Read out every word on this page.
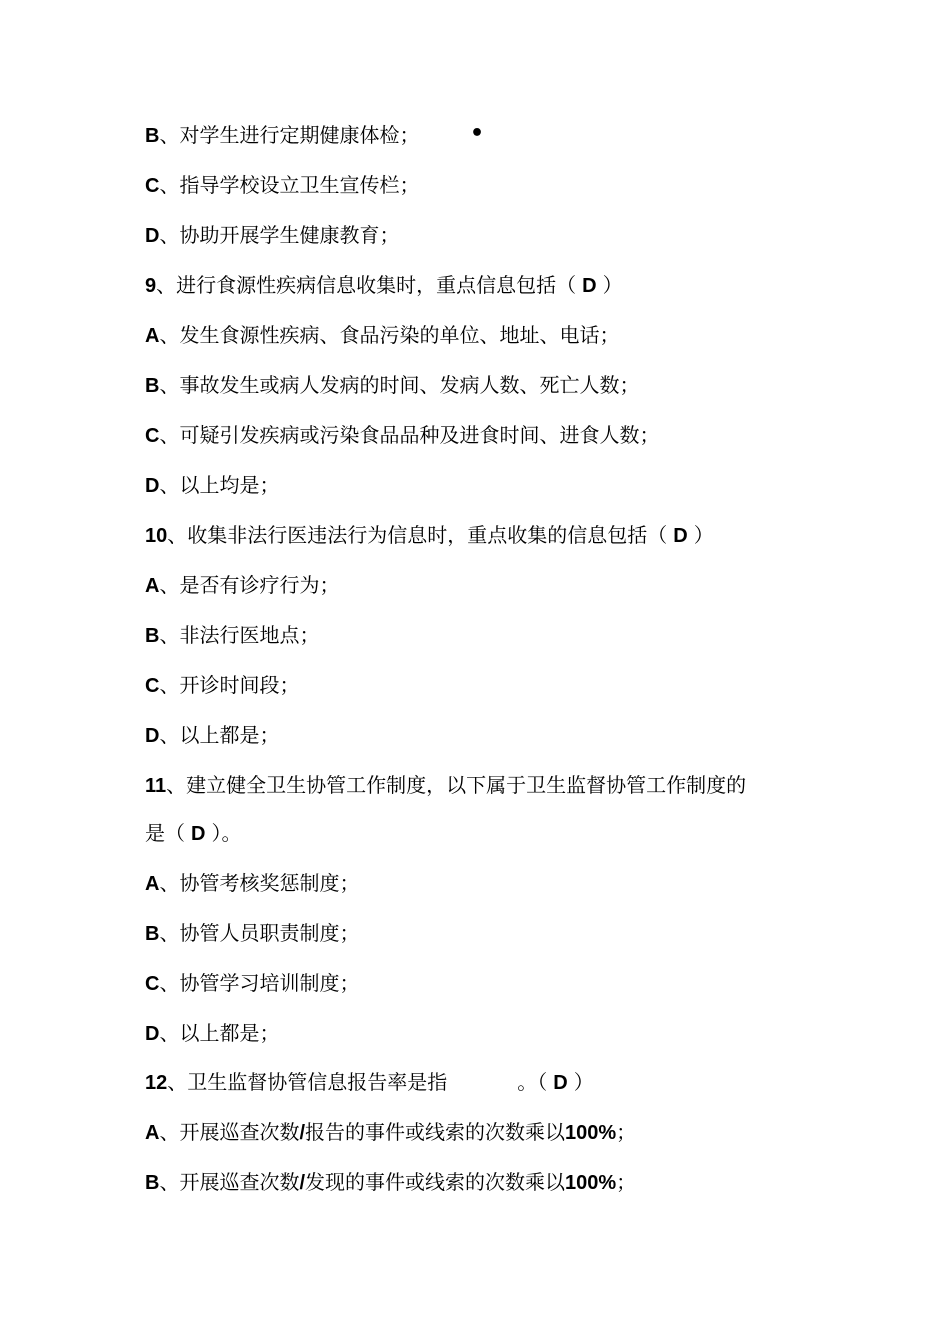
•
B、对学生进行定期健康体检；
C、指导学校设立卫生宣传栏；
D、协助开展学生健康教育；
9、进行食源性疾病信息收集时，重点信息包括（ D ）
A、发生食源性疾病、食品污染的单位、地址、电话；
B、事故发生或病人发病的时间、发病人数、死亡人数；
C、可疑引发疾病或污染食品品种及进食时间、进食人数；
D、以上均是；
10、收集非法行医违法行为信息时，重点收集的信息包括（ D ）
A、是否有诊疗行为；
B、非法行医地点；
C、开诊时间段；
D、以上都是；
11、建立健全卫生协管工作制度，以下属于卫生监督协管工作制度的
是（ D ）。
A、协管考核奖惩制度；
B、协管人员职责制度；
C、协管学习培训制度；
D、以上都是；
12、卫生监督协管信息报告率是指	。（ D ）
A、开展巡查次数/报告的事件或线索的次数乘以100%；
B、开展巡查次数/发现的事件或线索的次数乘以100%；
